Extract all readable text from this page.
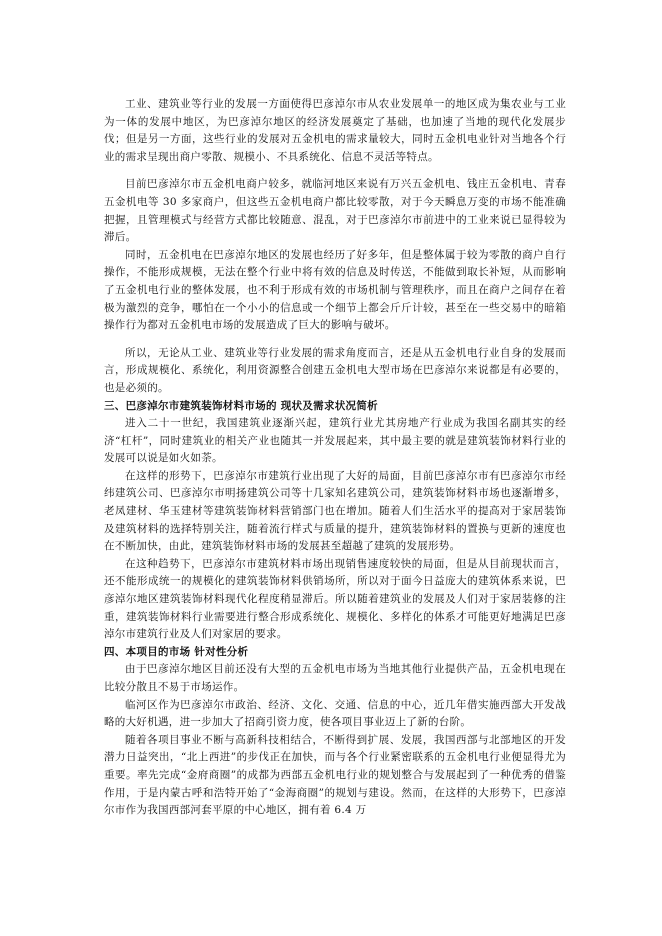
工业、建筑业等行业的发展一方面使得巴彦淖尔市从农业发展单一的地区成为集农业与工业为一体的发展中地区，为巴彦淖尔地区的经济发展奠定了基础，也加速了当地的现代化发展步伐；但是另一方面，这些行业的发展对五金机电的需求量较大，同时五金机电业针对当地各个行业的需求呈现出商户零散、规模小、不具系统化、信息不灵活等特点。

目前巴彦淖尔市五金机电商户较多，就临河地区来说有万兴五金机电、钱庄五金机电、青春五金机电等 30 多家商户，但这些五金机电商户都比较零散，对于今天瞬息万变的市场不能准确把握，且管理模式与经营方式都比较随意、混乱，对于巴彦淖尔市前进中的工业来说已显得较为滞后。

同时，五金机电在巴彦淖尔地区的发展也经历了好多年，但是整体属于较为零散的商户自行操作，不能形成规模，无法在整个行业中将有效的信息及时传送，不能做到取长补短，从而影响了五金机电行业的整体发展，也不利于形成有效的市场机制与管理秩序，而且在商户之间存在着极为激烈的竞争，哪怕在一个小小的信息或一个细节上都会斤斤计较，甚至在一些交易中的暗箱操作行为都对五金机电市场的发展造成了巨大的影响与破坏。

所以，无论从工业、建筑业等行业发展的需求角度而言，还是从五金机电行业自身的发展而言，形成规模化、系统化，利用资源整合创建五金机电大型市场在巴彦淖尔来说都是有必要的，也是必须的。

三、巴彦淖尔市建筑装饰材料市场的 现状及需求状况简析

进入二十一世纪，我国建筑业逐渐兴起，建筑行业尤其房地产行业成为我国名副其实的经济“杠杆”，同时建筑业的相关产业也随其一并发展起来，其中最主要的就是建筑装饰材料行业的发展可以说是如火如荼。

在这样的形势下，巴彦淖尔市建筑行业出现了大好的局面，目前巴彦淖尔市有巴彦淖尔市经纬建筑公司、巴彦淖尔市明扬建筑公司等十几家知名建筑公司，建筑装饰材料市场也逐渐增多，老凤建材、华玉建材等建筑装饰材料营销部门也在增加。随着人们生活水平的提高对于家居装饰及建筑材料的选择特别关注，随着流行样式与质量的提升，建筑装饰材料的置换与更新的速度也在不断加快，由此，建筑装饰材料市场的发展甚至超越了建筑的发展形势。

在这种趋势下，巴彦淖尔市建筑材料市场出现销售速度较快的局面，但是从目前现状而言，还不能形成统一的规模化的建筑装饰材料供销场所，所以对于面今日益庞大的建筑体系来说，巴彦淖尔地区建筑装饰材料现代化程度稍显滞后。所以随着建筑业的发展及人们对于家居装修的注重，建筑装饰材料行业需要进行整合形成系统化、规模化、多样化的体系才可能更好地满足巴彦淖尔市建筑行业及人们对家居的要求。

四、本项目的市场 针对性分析

由于巴彦淖尔地区目前还没有大型的五金机电市场为当地其他行业提供产品，五金机电现在比较分散且不易于市场运作。

临河区作为巴彦淖尔市政治、经济、文化、交通、信息的中心，近几年借实施西部大开发战略的大好机遇，进一步加大了招商引资力度，使各项目事业迈上了新的台阶。

随着各项目事业不断与高新科技相结合，不断得到扩展、发展，我国西部与北部地区的开发潜力日益突出，“北上西进”的步伐正在加快，而与各个行业紧密联系的五金机电行业便显得尤为重要。率先完成“金府商圈”的成都为西部五金机电行业的规划整合与发展起到了一种优秀的借鉴作用，于是内蒙古呼和浩特开始了“金海商圈”的规划与建设。然而，在这样的大形势下，巴彦淖尔市作为我国西部河套平原的中心地区，拥有着 6.4 万
